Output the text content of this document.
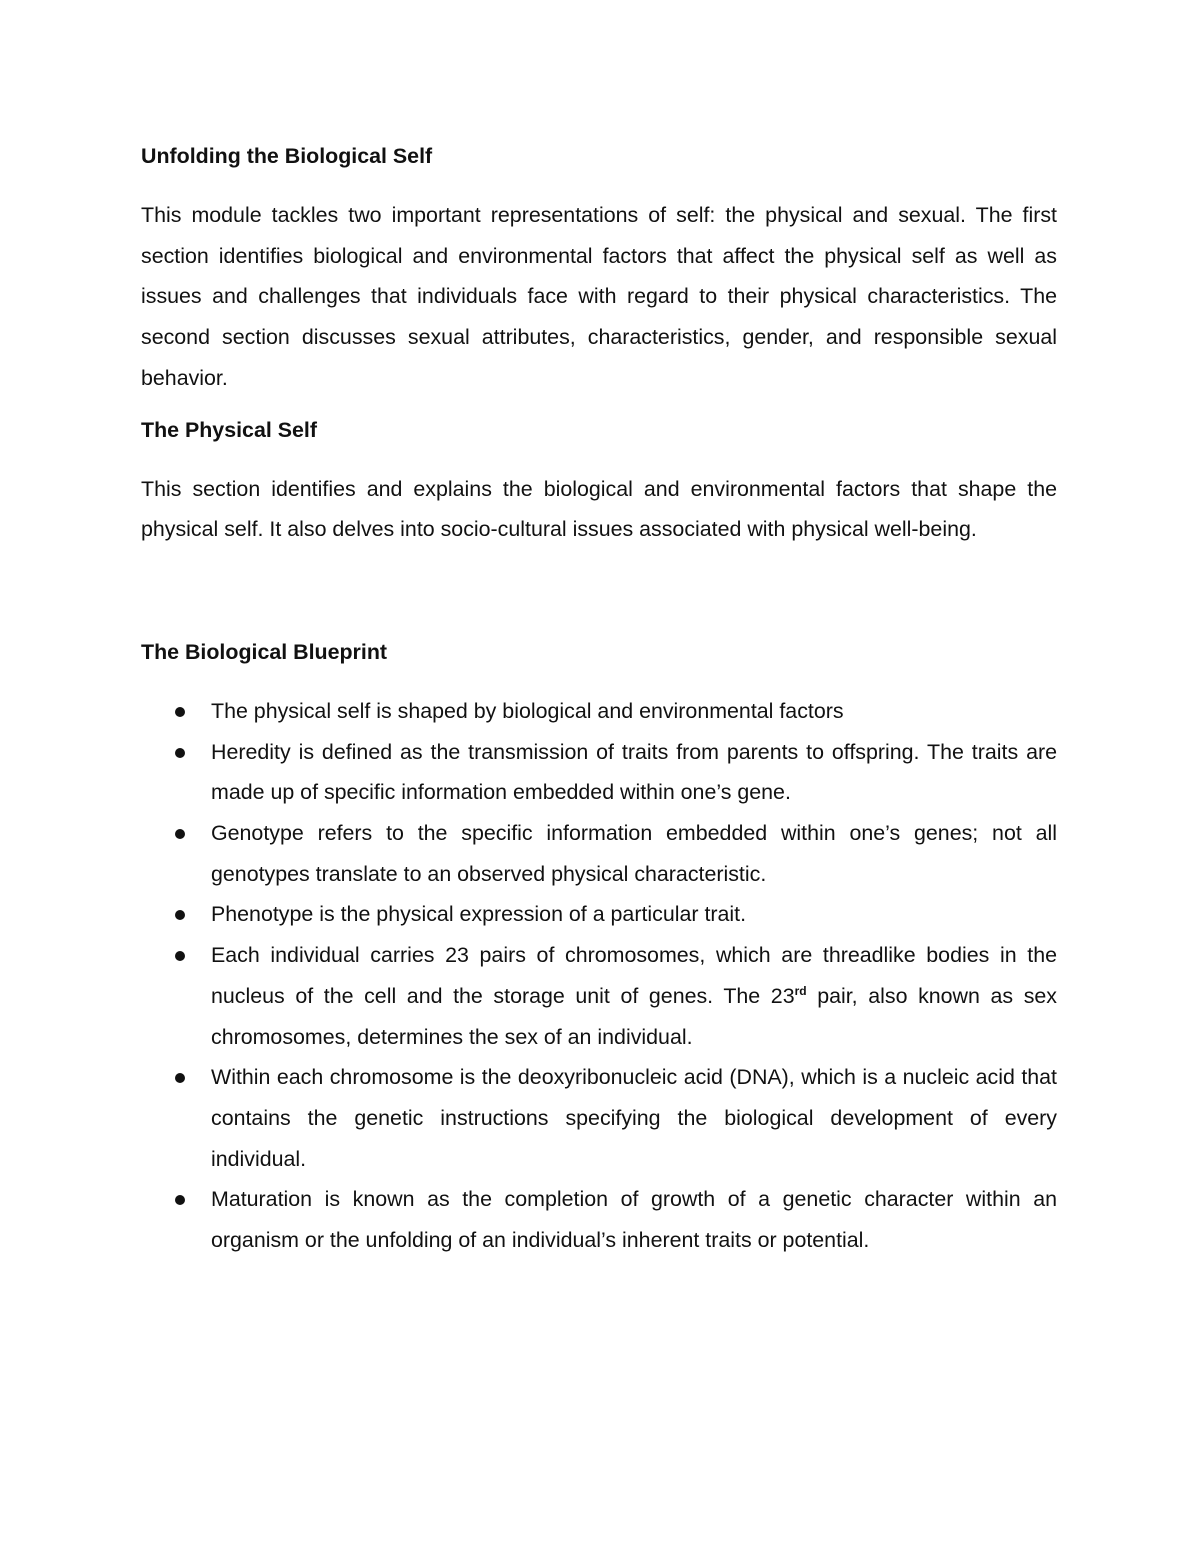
Unfolding the Biological Self

This module tackles two important representations of self: the physical and sexual. The first section identifies biological and environmental factors that affect the physical self as well as issues and challenges that individuals face with regard to their physical characteristics. The second section discusses sexual attributes, characteristics, gender, and responsible sexual behavior.

The Physical Self

This section identifies and explains the biological and environmental factors that shape the physical self. It also delves into socio-cultural issues associated with physical well-being.

The Biological Blueprint

The physical self is shaped by biological and environmental factors
Heredity is defined as the transmission of traits from parents to offspring. The traits are made up of specific information embedded within one’s gene.
Genotype refers to the specific information embedded within one’s genes; not all genotypes translate to an observed physical characteristic.
Phenotype is the physical expression of a particular trait.
Each individual carries 23 pairs of chromosomes, which are threadlike bodies in the nucleus of the cell and the storage unit of genes. The 23rd pair, also known as sex chromosomes, determines the sex of an individual.
Within each chromosome is the deoxyribonucleic acid (DNA), which is a nucleic acid that contains the genetic instructions specifying the biological development of every individual.
Maturation is known as the completion of growth of a genetic character within an organism or the unfolding of an individual’s inherent traits or potential.
